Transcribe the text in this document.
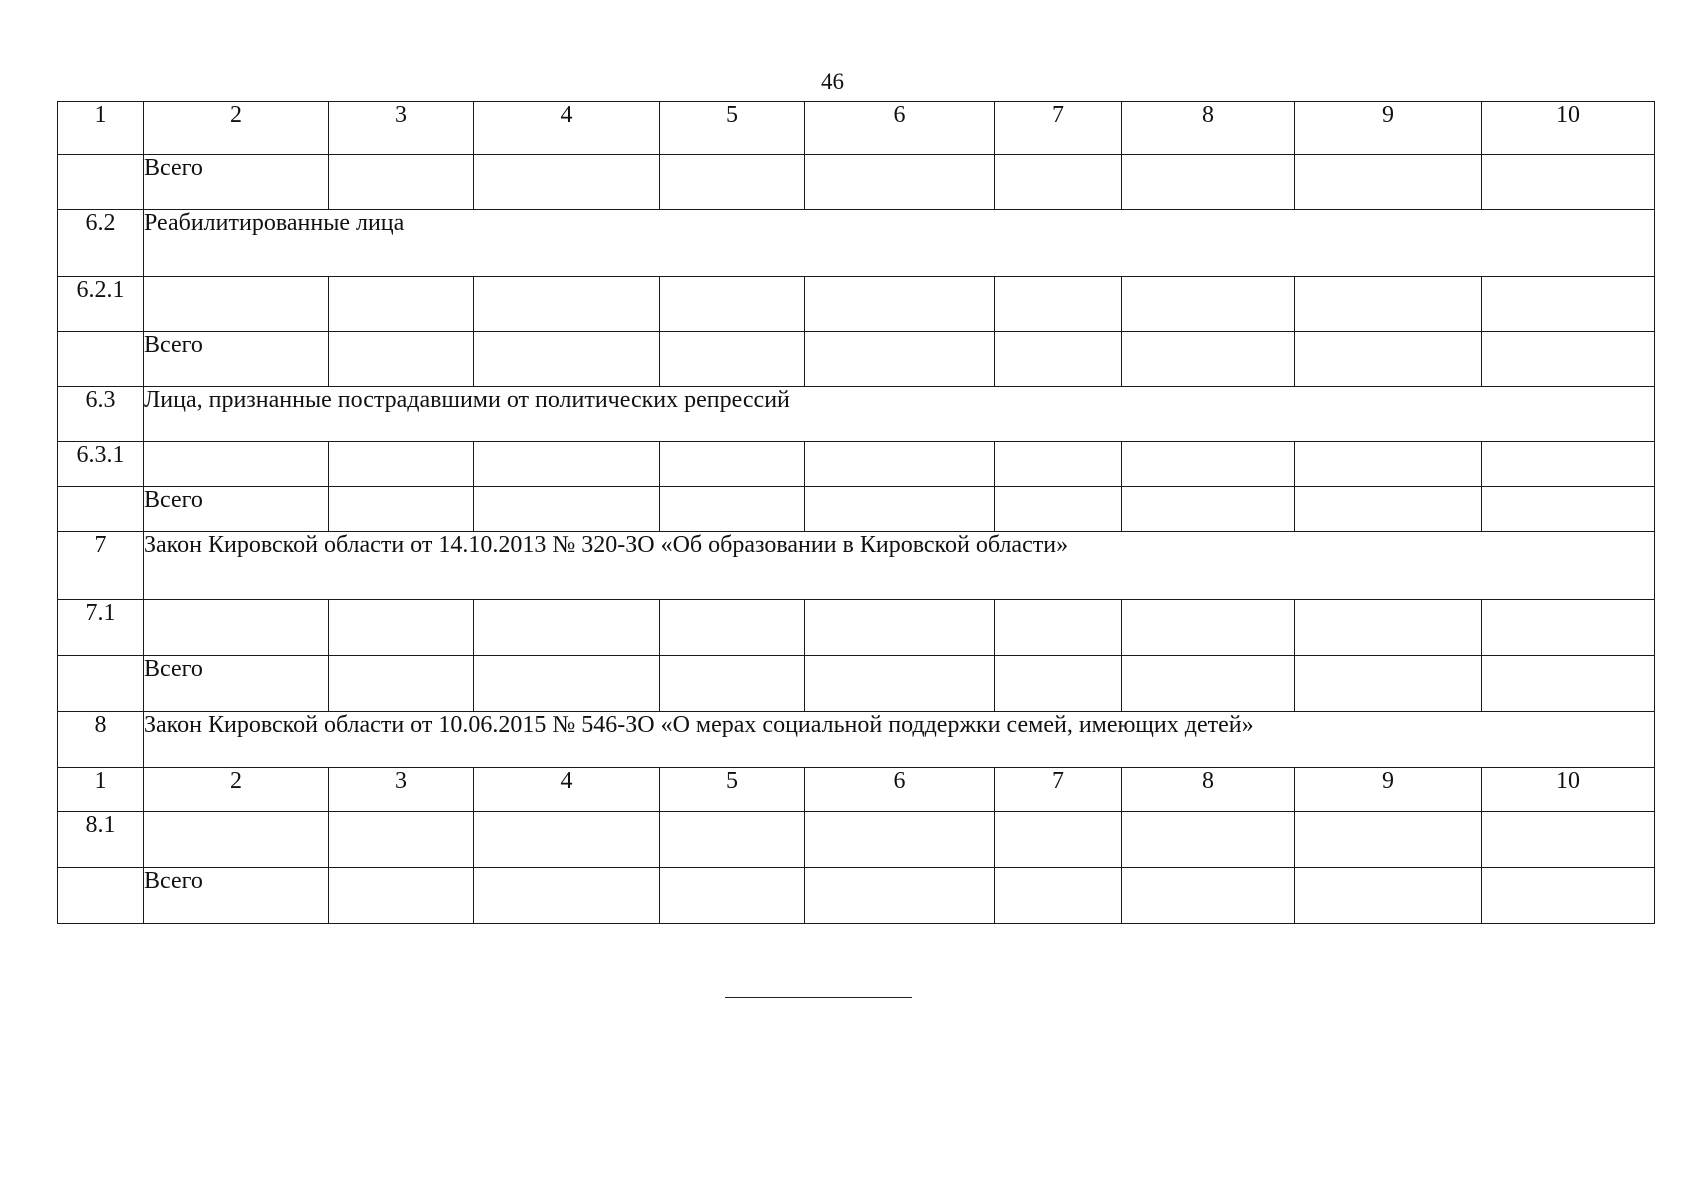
46
1	2	3	4	5	6	7	8	9	10
	Всего								
6.2	Реабилитированные лица								
6.2.1									
	Всего								
6.3	Лица, признанные пострадавшими от политических репрессий								
6.3.1									
	Всего								
7	Закон Кировской области от 14.10.2013 № 320-ЗО «Об образовании в Кировской области»								
7.1									
	Всего								
8	Закон Кировской области от 10.06.2015 № 546-ЗО «О мерах социальной поддержки семей, имеющих детей»								
1	2	3	4	5	6	7	8	9	10
8.1									
	Всего								
